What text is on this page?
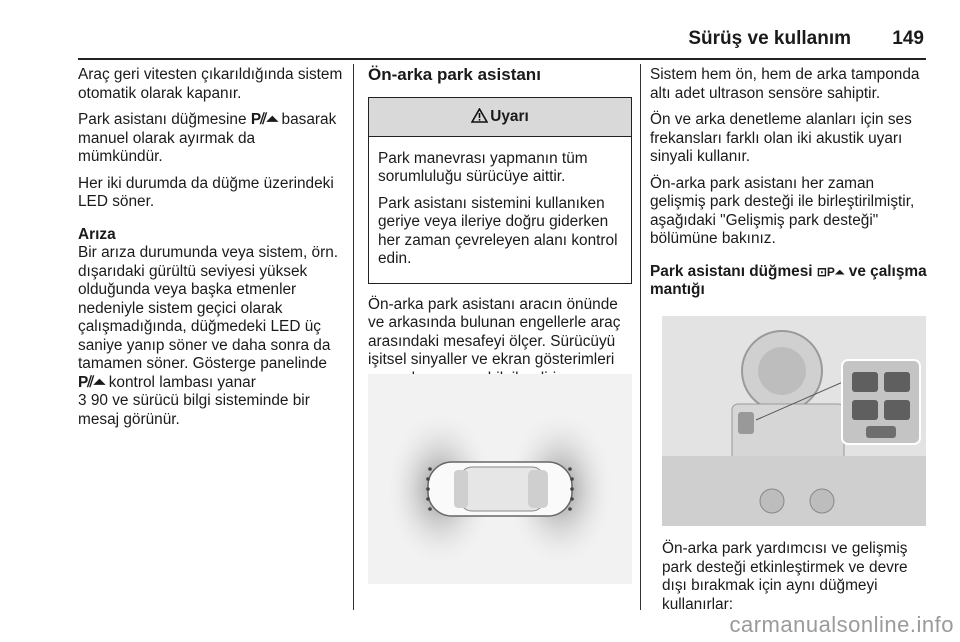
Sürüş ve kullanım 149

Araç geri vitesten çıkarıldığında sistem otomatik olarak kapanır.

Park asistanı düğmesine P⫽⏶ basarak manuel olarak ayırmak da mümkündür.

Her iki durumda da düğme üzerindeki LED söner.

Arıza

Bir arıza durumunda veya sistem, örn. dışarıdaki gürültü seviyesi yüksek olduğunda veya başka etmenler nedeniyle sistem geçici olarak çalışmadığında, düğmedeki LED üç saniye yanıp söner ve daha sonra da tamamen söner. Gösterge panelinde P⫽⏶ kontrol lambası yanar
3 90 ve sürücü bilgi sisteminde bir mesaj görünür.

Ön-arka park asistanı
Uyarı

Park manevrası yapmanın tüm sorumluluğu sürücüye aittir.

Park asistanı sistemini kullanıken geriye veya ileriye doğru giderken her zaman çevreleyen alanı kontrol edin.

Ön-arka park asistanı aracın önünde ve arkasında bulunan engellerle araç arasındaki mesafeyi ölçer. Sürücüyü işitsel sinyaller ve ekran gösterimleri

Sistem hem ön, hem de arka tamponda altı adet ultrason sensöre sahiptir.

Ön ve arka denetleme alanları için ses frekansları farklı olan iki akustik uyarı sinyali kullanır.

Ön-arka park asistanı her zaman gelişmiş park desteği ile birleştirilmiştir, aşağıdaki "Gelişmiş park desteği" bölümüne bakınız.

Park asistanı düğmesi ⊡P⏶ ve çalışma mantığı

Ön-arka park yardımcısı ve gelişmiş park desteği etkinleştirmek ve devre dışı bırakmak için aynı düğmeyi kullanırlar:
carmanualsonline.info
